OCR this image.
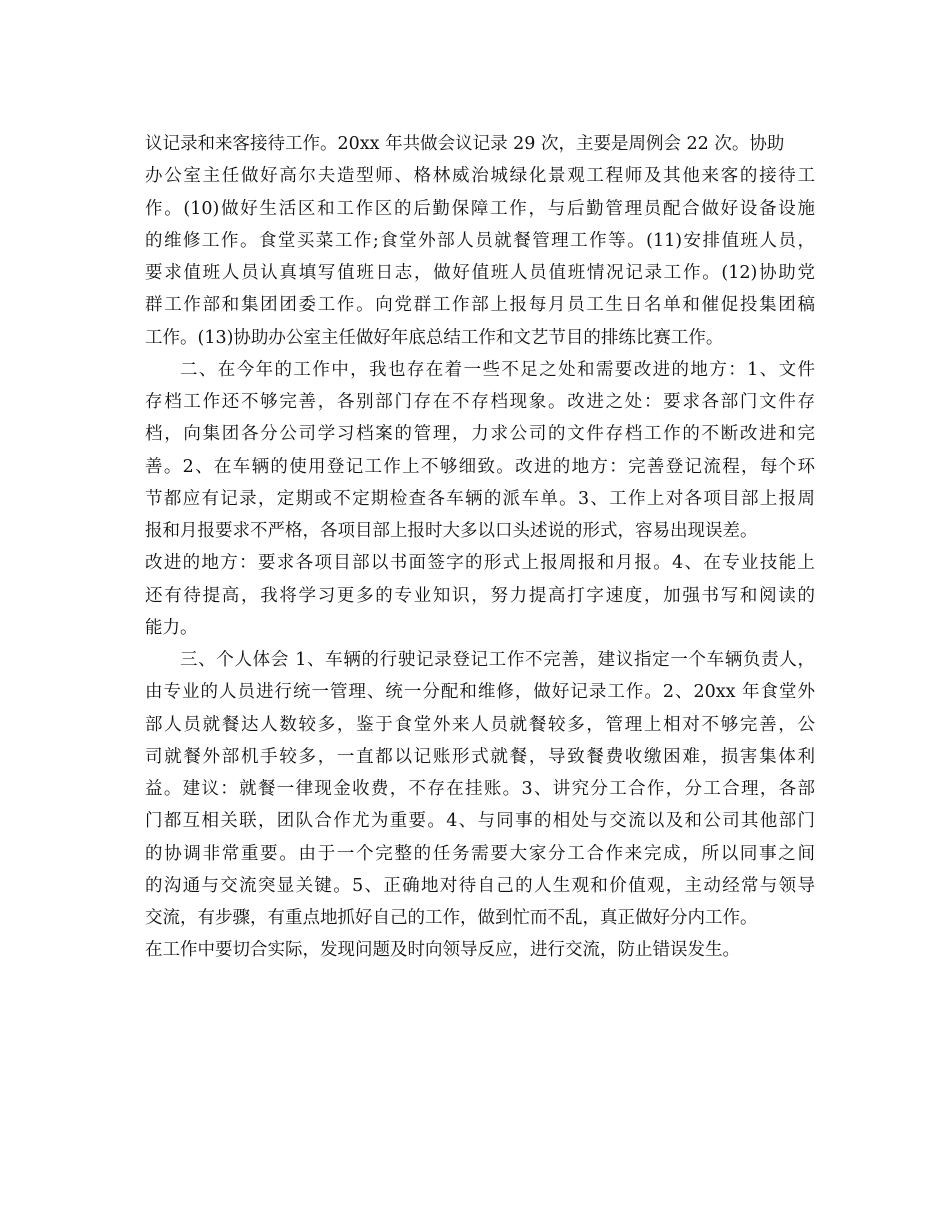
议记录和来客接待工作。20xx 年共做会议记录 29 次，主要是周例会 22 次。协助
办公室主任做好高尔夫造型师、格林威治城绿化景观工程师及其他来客的接待工
作。(10)做好生活区和工作区的后勤保障工作，与后勤管理员配合做好设备设施
的维修工作。食堂买菜工作;食堂外部人员就餐管理工作等。(11)安排值班人员，
要求值班人员认真填写值班日志，做好值班人员值班情况记录工作。(12)协助党
群工作部和集团团委工作。向党群工作部上报每月员工生日名单和催促投集团稿
工作。(13)协助办公室主任做好年底总结工作和文艺节目的排练比赛工作。
二、在今年的工作中，我也存在着一些不足之处和需要改进的地方：1、文件
存档工作还不够完善，各别部门存在不存档现象。改进之处：要求各部门文件存
档，向集团各分公司学习档案的管理，力求公司的文件存档工作的不断改进和完
善。2、在车辆的使用登记工作上不够细致。改进的地方：完善登记流程，每个环
节都应有记录，定期或不定期检查各车辆的派车单。3、工作上对各项目部上报周
报和月报要求不严格，各项目部上报时大多以口头述说的形式，容易出现误差。
改进的地方：要求各项目部以书面签字的形式上报周报和月报。4、在专业技能上
还有待提高，我将学习更多的专业知识，努力提高打字速度，加强书写和阅读的
能力。
三、个人体会 1、车辆的行驶记录登记工作不完善，建议指定一个车辆负责人，
由专业的人员进行统一管理、统一分配和维修，做好记录工作。2、20xx 年食堂外
部人员就餐达人数较多，鉴于食堂外来人员就餐较多，管理上相对不够完善，公
司就餐外部机手较多，一直都以记账形式就餐，导致餐费收缴困难，损害集体利
益。建议：就餐一律现金收费，不存在挂账。3、讲究分工合作，分工合理，各部
门都互相关联，团队合作尤为重要。4、与同事的相处与交流以及和公司其他部门
的协调非常重要。由于一个完整的任务需要大家分工合作来完成，所以同事之间
的沟通与交流突显关键。5、正确地对待自己的人生观和价值观，主动经常与领导
交流，有步骤，有重点地抓好自己的工作，做到忙而不乱，真正做好分内工作。
在工作中要切合实际，发现问题及时向领导反应，进行交流，防止错误发生。
